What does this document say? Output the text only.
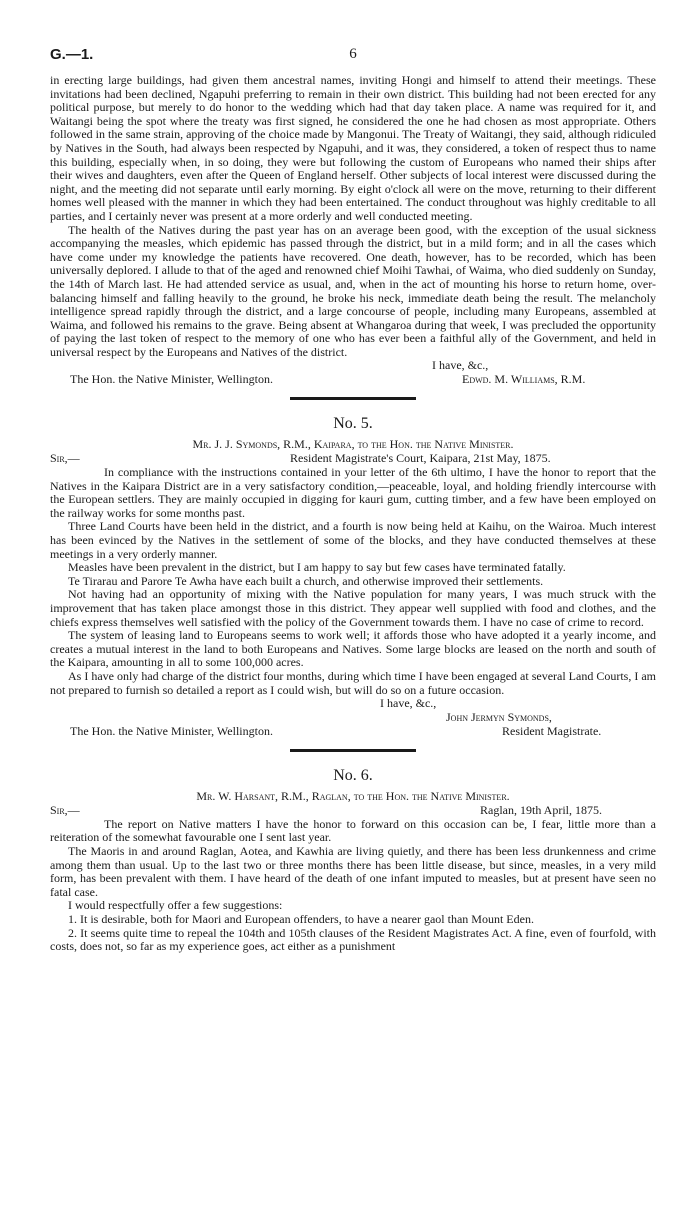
G.—1.	6

in erecting large buildings, had given them ancestral names, inviting Hongi and himself to attend their meetings. These invitations had been declined, Ngapuhi preferring to remain in their own district. This building had not been erected for any political purpose, but merely to do honor to the wedding which had that day taken place. A name was required for it, and Waitangi being the spot where the treaty was first signed, he considered the one he had chosen as most appropriate. Others followed in the same strain, approving of the choice made by Mangonui. The Treaty of Waitangi, they said, although ridiculed by Natives in the South, had always been respected by Ngapuhi, and it was, they considered, a token of respect thus to name this building, especially when, in so doing, they were but following the custom of Europeans who named their ships after their wives and daughters, even after the Queen of England herself. Other subjects of local interest were discussed during the night, and the meeting did not separate until early morning. By eight o'clock all were on the move, returning to their different homes well pleased with the manner in which they had been entertained. The conduct throughout was highly creditable to all parties, and I certainly never was present at a more orderly and well conducted meeting.

The health of the Natives during the past year has on an average been good, with the exception of the usual sickness accompanying the measles, which epidemic has passed through the district, but in a mild form; and in all the cases which have come under my knowledge the patients have recovered. One death, however, has to be recorded, which has been universally deplored. I allude to that of the aged and renowned chief Moihi Tawhai, of Waima, who died suddenly on Sunday, the 14th of March last. He had attended service as usual, and, when in the act of mounting his horse to return home, over-balancing himself and falling heavily to the ground, he broke his neck, immediate death being the result. The melancholy intelligence spread rapidly through the district, and a large concourse of people, including many Europeans, assembled at Waima, and followed his remains to the grave. Being absent at Whangaroa during that week, I was precluded the opportunity of paying the last token of respect to the memory of one who has ever been a faithful ally of the Government, and held in universal respect by the Europeans and Natives of the district.

I have, &c.,
The Hon. the Native Minister, Wellington.	Edwd. M. Williams, R.M.
No. 5.
Mr. J. J. Symonds, R.M., Kaipara, to the Hon. the Native Minister.
Sir,—	Resident Magistrate's Court, Kaipara, 21st May, 1875.

In compliance with the instructions contained in your letter of the 6th ultimo, I have the honor to report that the Natives in the Kaipara District are in a very satisfactory condition,—peaceable, loyal, and holding friendly intercourse with the European settlers. They are mainly occupied in digging for kauri gum, cutting timber, and a few have been employed on the railway works for some months past.

Three Land Courts have been held in the district, and a fourth is now being held at Kaihu, on the Wairoa. Much interest has been evinced by the Natives in the settlement of some of the blocks, and they have conducted themselves at these meetings in a very orderly manner.

Measles have been prevalent in the district, but I am happy to say but few cases have terminated fatally.

Te Tirarau and Parore Te Awha have each built a church, and otherwise improved their settlements.

Not having had an opportunity of mixing with the Native population for many years, I was much struck with the improvement that has taken place amongst those in this district. They appear well supplied with food and clothes, and the chiefs express themselves well satisfied with the policy of the Government towards them. I have no case of crime to record.

The system of leasing land to Europeans seems to work well; it affords those who have adopted it a yearly income, and creates a mutual interest in the land to both Europeans and Natives. Some large blocks are leased on the north and south of the Kaipara, amounting in all to some 100,000 acres.

As I have only had charge of the district four months, during which time I have been engaged at several Land Courts, I am not prepared to furnish so detailed a report as I could wish, but will do so on a future occasion.

I have, &c.,
John Jermyn Symonds,
The Hon. the Native Minister, Wellington.	Resident Magistrate.
No. 6.
Mr. W. Harsant, R.M., Raglan, to the Hon. the Native Minister.
Sir,—	Raglan, 19th April, 1875.

The report on Native matters I have the honor to forward on this occasion can be, I fear, little more than a reiteration of the somewhat favourable one I sent last year.

The Maoris in and around Raglan, Aotea, and Kawhia are living quietly, and there has been less drunkenness and crime among them than usual. Up to the last two or three months there has been little disease, but since, measles, in a very mild form, has been prevalent with them. I have heard of the death of one infant imputed to measles, but at present have seen no fatal case.

I would respectfully offer a few suggestions:

1. It is desirable, both for Maori and European offenders, to have a nearer gaol than Mount Eden.

2. It seems quite time to repeal the 104th and 105th clauses of the Resident Magistrates Act. A fine, even of fourfold, with costs, does not, so far as my experience goes, act either as a punishment
